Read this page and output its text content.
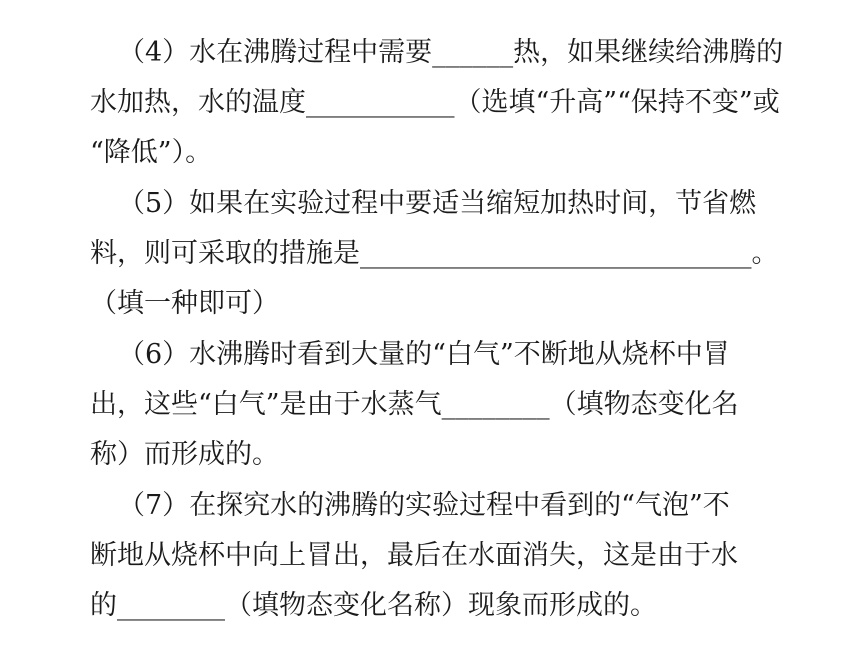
（4）水在沸腾过程中需要______热，如果继续给沸腾的
水加热，水的温度___________（选填“升高”“保持不变”或
“降低”）。
（5）如果在实验过程中要适当缩短加热时间，节省燃
料，则可采取的措施是_____________________________。
（填一种即可）
（6）水沸腾时看到大量的“白气”不断地从烧杯中冒
出，这些“白气”是由于水蒸气________（填物态变化名
称）而形成的。
（7）在探究水的沸腾的实验过程中看到的“气泡”不
断地从烧杯中向上冒出，最后在水面消失，这是由于水
的________（填物态变化名称）现象而形成的。
